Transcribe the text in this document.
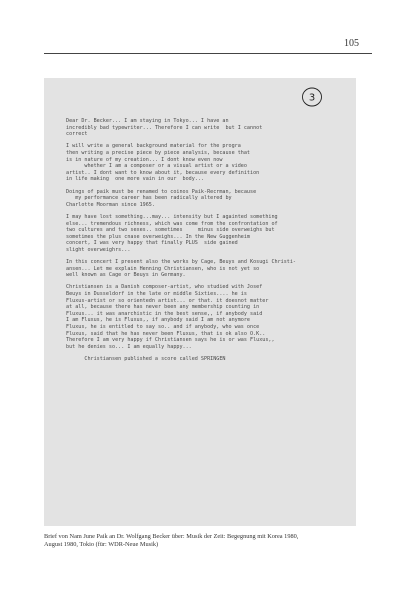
105
Dear Dr. Becker... I am staying in Tokyo... I have an
incredibly bad typewriter... Therefore I can write  but I cannot
correct
I will write a general background material for the progra
then writing a precise piece by piece analysis, because that
is in nature of my creation... I dont know even now
whether I am a composer or a visual artist or a video
artist.. I dont want to know about it, because every definition
in life making  one more vain in our  body...
Doings of paik must be renamed to coinos Paik-Recrman, because
my performance career has been radically altered by
Charlotte Moorman since 1965.
I may have lost something...may... intensity but I againted something
else... tremendous richness, which was come from the confrontation of
two cultures and two sexes.. sometimes     minus side overweighs but
sometimes the plus cnase overweighs... In the New Guggenheim
concert, I was very happy that finally PLUS  side gained
slight overweighrs...
In this concert I present also the works by Cage, Beuys and Kosugi Christi-
ansen... Let me explain Henning Christiansen, who is not yet so
well known as Cage or Beuys in Germany.
Christiansen is a Danish composer-artist, who studied with Josef
Beuys in Dusseldorf in the late or middle Sixties.... he is
Fluxus-artist or so orientedn artist... or that. it doesnot matter
at all, because there has never been any membership counting in
Fluxus... it was anarchistic in the best sense,, if anybody said
I am Fluxus, he is Fluxus,, if anybody said I am not anymore
Fluxus, he is entitled to say so.. and if anybody, who was once
Fluxus, said that he has never been Fluxus, that is ok also O.K..
Therefore I am very happy if Christiansen says he is or was Fluxus,,
but he denies so... I am equally happy...
Christiansen published a score called SPRINGEN
3
Brief von Nam June Paik an Dr. Wolfgang Becker über: Musik der Zeit: Begegnung mit Korea 1980,
August 1980, Tokio (für: WDR-Neue Musik)
